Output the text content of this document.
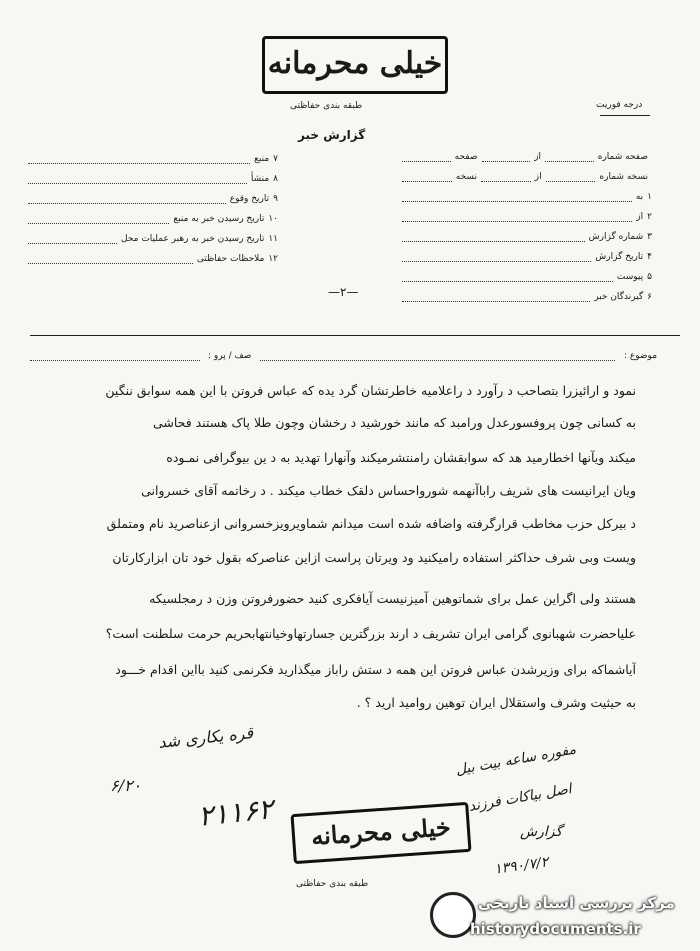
خیلی محرمانه
طبقه بندی حفاظتی	درجه فوریت
گزارش خبر
صفحه شماره
از
صفحه
نسخه شماره
از
نسخه
۱
به
۲
از
۳
شماره گزارش
۴
تاریخ گزارش
۵
پیوست
۶
گیرندگان خبر
۷
منبع
۸
منشأ
۹
تاریخ وقوع
۱۰
تاریخ رسیدن خبر به منبع
۱۱
تاریخ رسیدن خبر به رهبر عملیات محل
۱۲
ملاحظات حفاظتی
—۲—
موضوع :
صف / پرو :
نمود و ارائیزرا بتصاحب د رآورد د راعلامیه خاطرتشان گرد یده که عباس فروتن با این همه سوابق ننگین
به کسانی چون پروفسورعدل ورامبد که مانند خورشید د رخشان وچون طلا پاک هستند فحاشی
میکند ویآنها اخطارمید هد که سوابقشان رامنتشرمیکند وآنهارا تهدید به د ین بیوگرافی نمـوده
ویان ایرانیست های شریف راباآنهمه شورواحساس دلقک خطاب میکند . د رخاتمه آقای خسروانی
د بیرکل حزب مخاطب قرارگرفته واضافه شده است میدانم شماویرویزخسروانی ازعناصرید نام ومتملق
ویست وبی شرف حداکثر استفاده رامیکنید ود ویرتان پراست ازاین عناصرکه بقول خود تان ابزارکارتان
هستند ولی اگراین عمل برای شماتوهین آمیزنیست آیافکری کنید حضورفروتن وزن د رمجلسیکه
علیاحضرت شهبانوی گرامی ایران تشریف د ارند بزرگترین جسارتهاوخیانتهابحریم حرمت سلطنت است؟
آیاشماکه برای وزیرشدن عباس فروتن این همه د ستش راباز میگذارید فکرنمی کنید بااین اقدام خـــود
به حیثیت وشرف واستقلال ایران توهین روامید ارید ؟ .
قره یکاری شد
۶/۲۰
۲۱۱۶۲
مفوره ساعه بیت بیل
اصل بیاکات فرزند
گزارش
۱۳۹۰/۷/۲
خیلی محرمانه
طبقه بندی حفاظتی
مرکز بررسی اسناد تاریخی
historydocuments.ir
